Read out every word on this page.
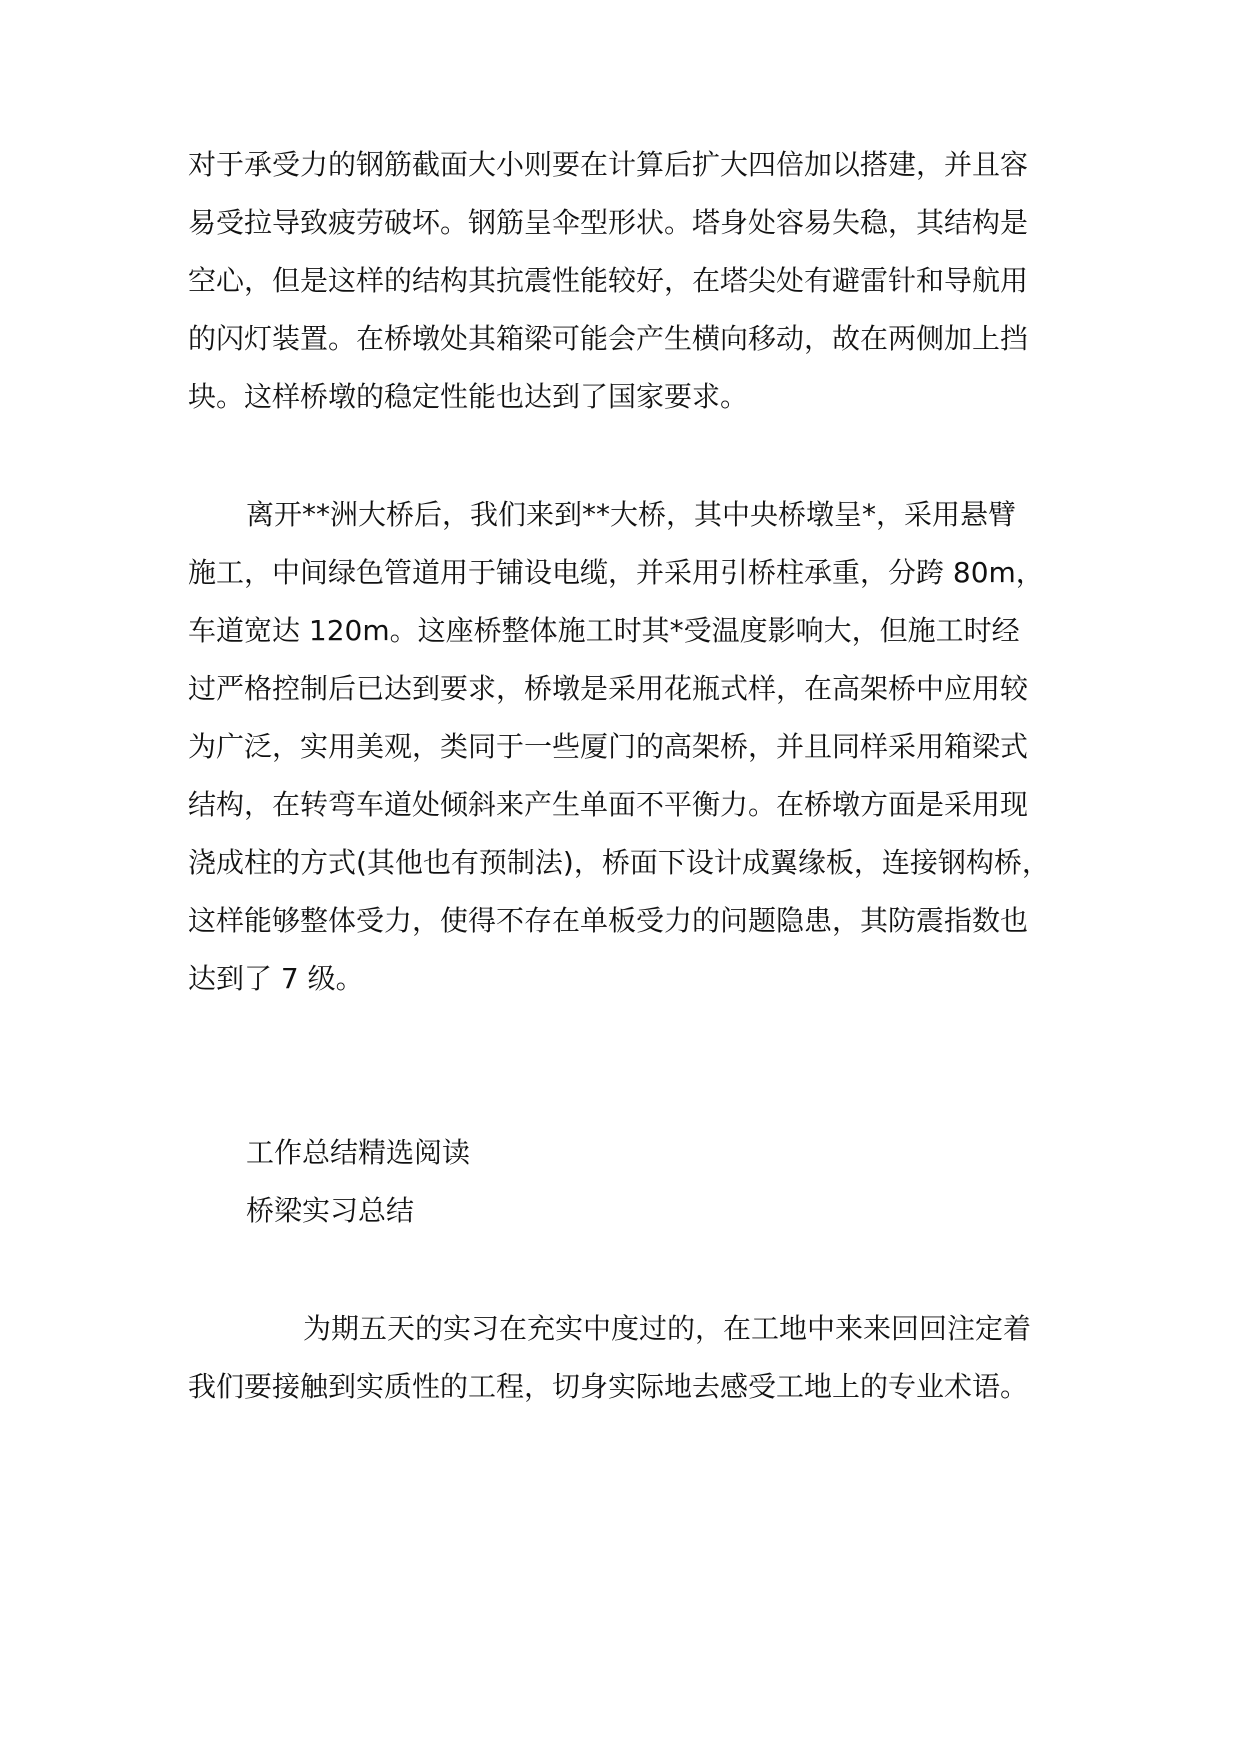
对于承受力的钢筋截面大小则要在计算后扩大四倍加以搭建，并且容
易受拉导致疲劳破坏。钢筋呈伞型形状。塔身处容易失稳，其结构是
空心，但是这样的结构其抗震性能较好，在塔尖处有避雷针和导航用
的闪灯装置。在桥墩处其箱梁可能会产生横向移动，故在两侧加上挡
块。这样桥墩的稳定性能也达到了国家要求。
离开**洲大桥后，我们来到**大桥，其中央桥墩呈*，采用悬臂
施工，中间绿色管道用于铺设电缆，并采用引桥柱承重，分跨 80m，
车道宽达 120m。这座桥整体施工时其*受温度影响大，但施工时经
过严格控制后已达到要求，桥墩是采用花瓶式样，在高架桥中应用较
为广泛，实用美观，类同于一些厦门的高架桥，并且同样采用箱梁式
结构，在转弯车道处倾斜来产生单面不平衡力。在桥墩方面是采用现
浇成柱的方式(其他也有预制法)，桥面下设计成翼缘板，连接钢构桥，
这样能够整体受力，使得不存在单板受力的问题隐患，其防震指数也
达到了 7 级。
工作总结精选阅读
桥梁实习总结
为期五天的实习在充实中度过的，在工地中来来回回注定着
我们要接触到实质性的工程，切身实际地去感受工地上的专业术语。
